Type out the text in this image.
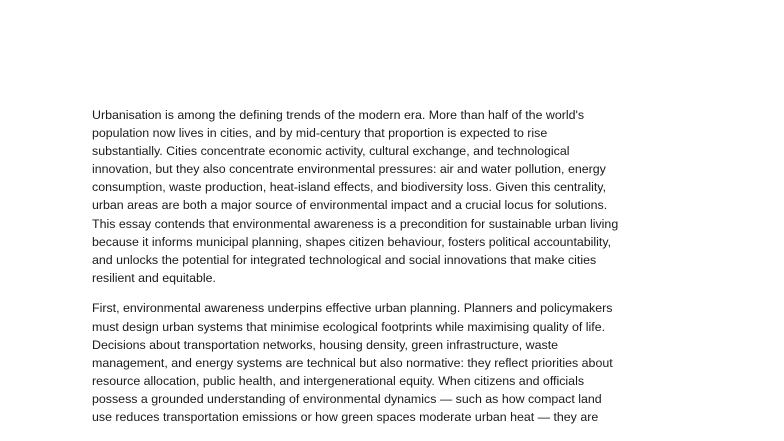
Urbanisation is among the defining trends of the modern era. More than half of the world's
population now lives in cities, and by mid-century that proportion is expected to rise
substantially. Cities concentrate economic activity, cultural exchange, and technological
innovation, but they also concentrate environmental pressures: air and water pollution, energy
consumption, waste production, heat-island effects, and biodiversity loss. Given this centrality,
urban areas are both a major source of environmental impact and a crucial locus for solutions.
This essay contends that environmental awareness is a precondition for sustainable urban living
because it informs municipal planning, shapes citizen behaviour, fosters political accountability,
and unlocks the potential for integrated technological and social innovations that make cities
resilient and equitable.

First, environmental awareness underpins effective urban planning. Planners and policymakers
must design urban systems that minimise ecological footprints while maximising quality of life.
Decisions about transportation networks, housing density, green infrastructure, waste
management, and energy systems are technical but also normative: they reflect priorities about
resource allocation, public health, and intergenerational equity. When citizens and officials
possess a grounded understanding of environmental dynamics — such as how compact land
use reduces transportation emissions or how green spaces moderate urban heat — they are
